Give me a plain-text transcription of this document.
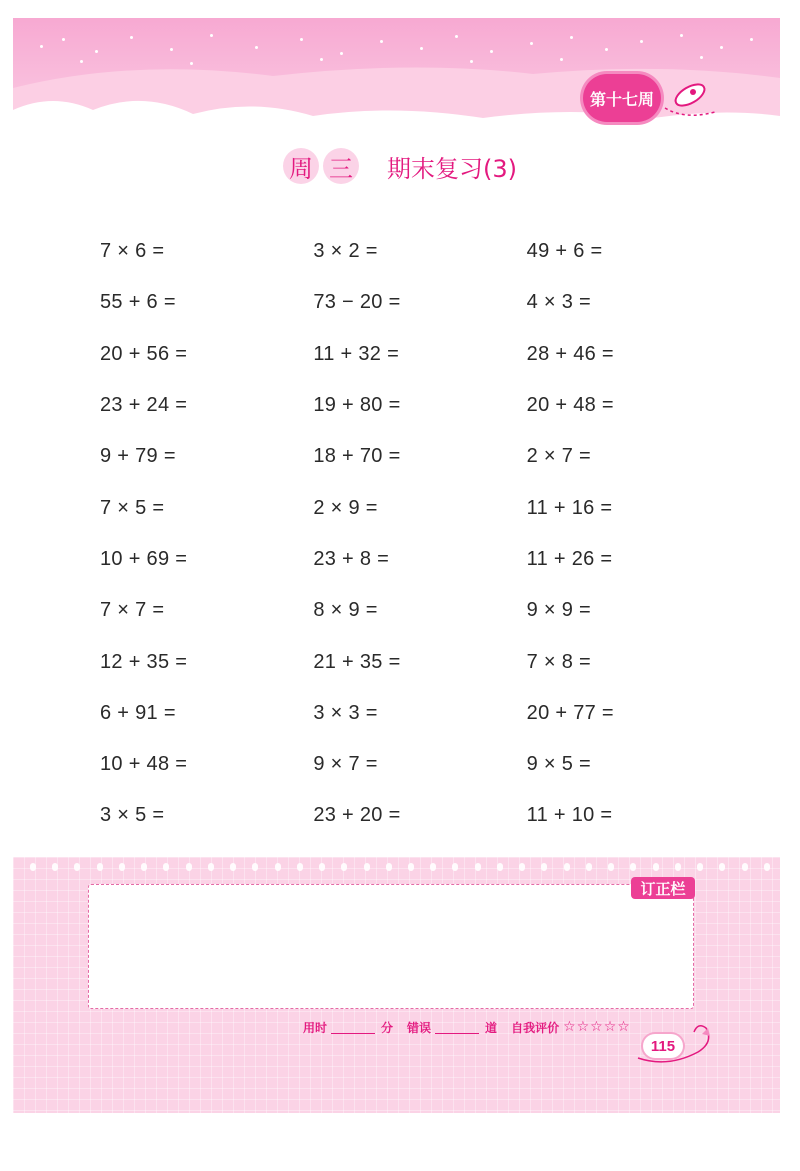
第十七周
周 三 期末复习(3)
7 × 6 =	3 × 2 =	49 + 6 =
55 + 6 =	73 − 20 =	4 × 3 =
20 + 56 =	11 + 32 =	28 + 46 =
23 + 24 =	19 + 80 =	20 + 48 =
9 + 79 =	18 + 70 =	2 × 7 =
7 × 5 =	2 × 9 =	11 + 16 =
10 + 69 =	23 + 8 =	11 + 26 =
7 × 7 =	8 × 9 =	9 × 9 =
12 + 35 =	21 + 35 =	7 × 8 =
6 + 91 =	3 × 3 =	20 + 77 =
10 + 48 =	9 × 7 =	9 × 5 =
3 × 5 =	23 + 20 =	11 + 10 =
订正栏
用时	分 错误	道 自我评价 ☆☆☆☆☆
115
